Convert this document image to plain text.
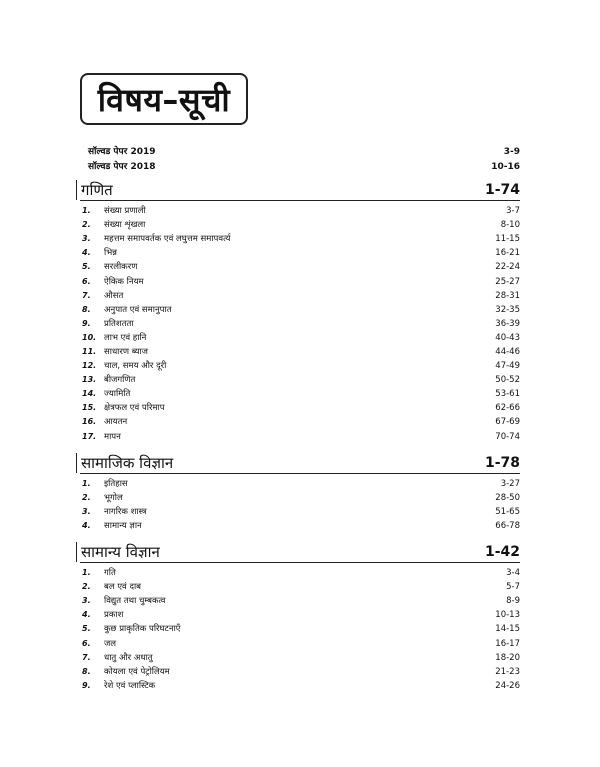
विषय–सूची
सॉल्वड पेपर 2019	3-9
सॉल्वड पेपर 2018	10-16
गणित	1-74
1.	संख्या प्रणाली	3-7
2.	संख्या शृंखला	8-10
3.	महत्तम समापवर्तक एवं लघुत्तम समापवर्त्य	11-15
4.	भिन्न	16-21
5.	सरलीकरण	22-24
6.	ऐकिक नियम	25-27
7.	औसत	28-31
8.	अनुपात एवं समानुपात	32-35
9.	प्रतिशतता	36-39
10. लाभ एवं हानि	40-43
11. साधारण ब्याज	44-46
12. चाल, समय और दूरी	47-49
13. बीजगणित	50-52
14. ज्यामिति	53-61
15. क्षेत्रफल एवं परिमाप	62-66
16. आयतन	67-69
17. मापन	70-74
सामाजिक विज्ञान	1-78
1.	इतिहास	3-27
2.	भूगोल	28-50
3.	नागरिक शास्त्र	51-65
4.	सामान्य ज्ञान	66-78
सामान्य विज्ञान	1-42
1.	गति	3-4
2.	बल एवं दाब	5-7
3.	विद्युत तथा चुम्बकत्व	8-9
4.	प्रकाश	10-13
5.	कुछ प्राकृतिक परिघटनाएँ	14-15
6.	जल	16-17
7.	धातु और अधातु	18-20
8.	कोयला एवं पेट्रोलियम	21-23
9.	रेशे एवं प्लास्टिक	24-26
